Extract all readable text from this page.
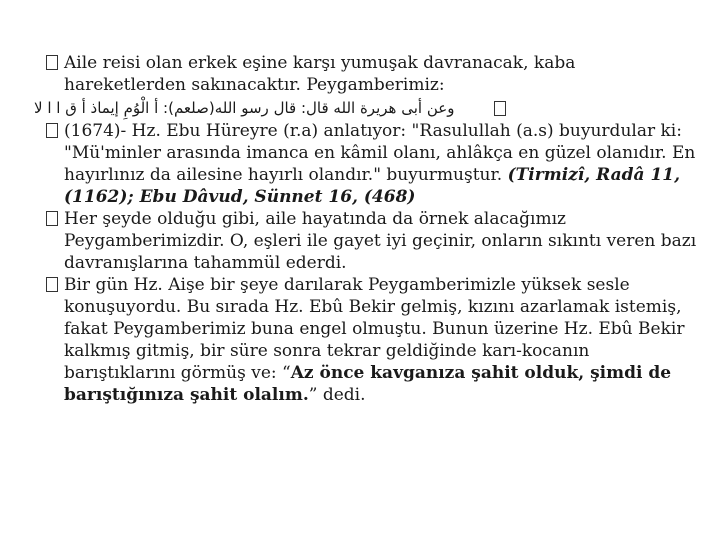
Aile reisi olan erkek eşine karşı yumuşak davranacak, kaba hareketlerden sakınacaktır. Peygamberimiz:

وعن أبى هريرة الله قال: قال رسو الله(صلعم): أ الْوُمِ إيماذ أ ق ا ا لا

(1674)- Hz. Ebu Hüreyre (r.a) anlatıyor: "Rasulullah (a.s) buyurdular ki: "Mü'minler arasında imanca en kâmil olanı, ahlâkça en güzel olanıdır. En hayırlınız da ailesine hayırlı olandır." buyurmuştur. (Tirmizî, Radâ 11, (1162); Ebu Dâvud, Sünnet 16, (468)

Her şeyde olduğu gibi, aile hayatında da örnek alacağımız Peygamberimizdir. O, eşleri ile gayet iyi geçinir, onların sıkıntı veren bazı davranışlarına tahammül ederdi.

Bir gün Hz. Aişe bir şeye darılarak Peygamberimizle yüksek sesle konuşuyordu. Bu sırada Hz. Ebû Bekir gelmiş, kızını azarlamak istemiş, fakat Peygamberimiz buna engel olmuştu. Bunun üzerine Hz. Ebû Bekir kalkmış gitmiş, bir süre sonra tekrar geldiğinde karı-kocanın barıştıklarını görmüş ve: “Az önce kavganıza şahit olduk, şimdi de barıştığınıza şahit olalım.” dedi.
